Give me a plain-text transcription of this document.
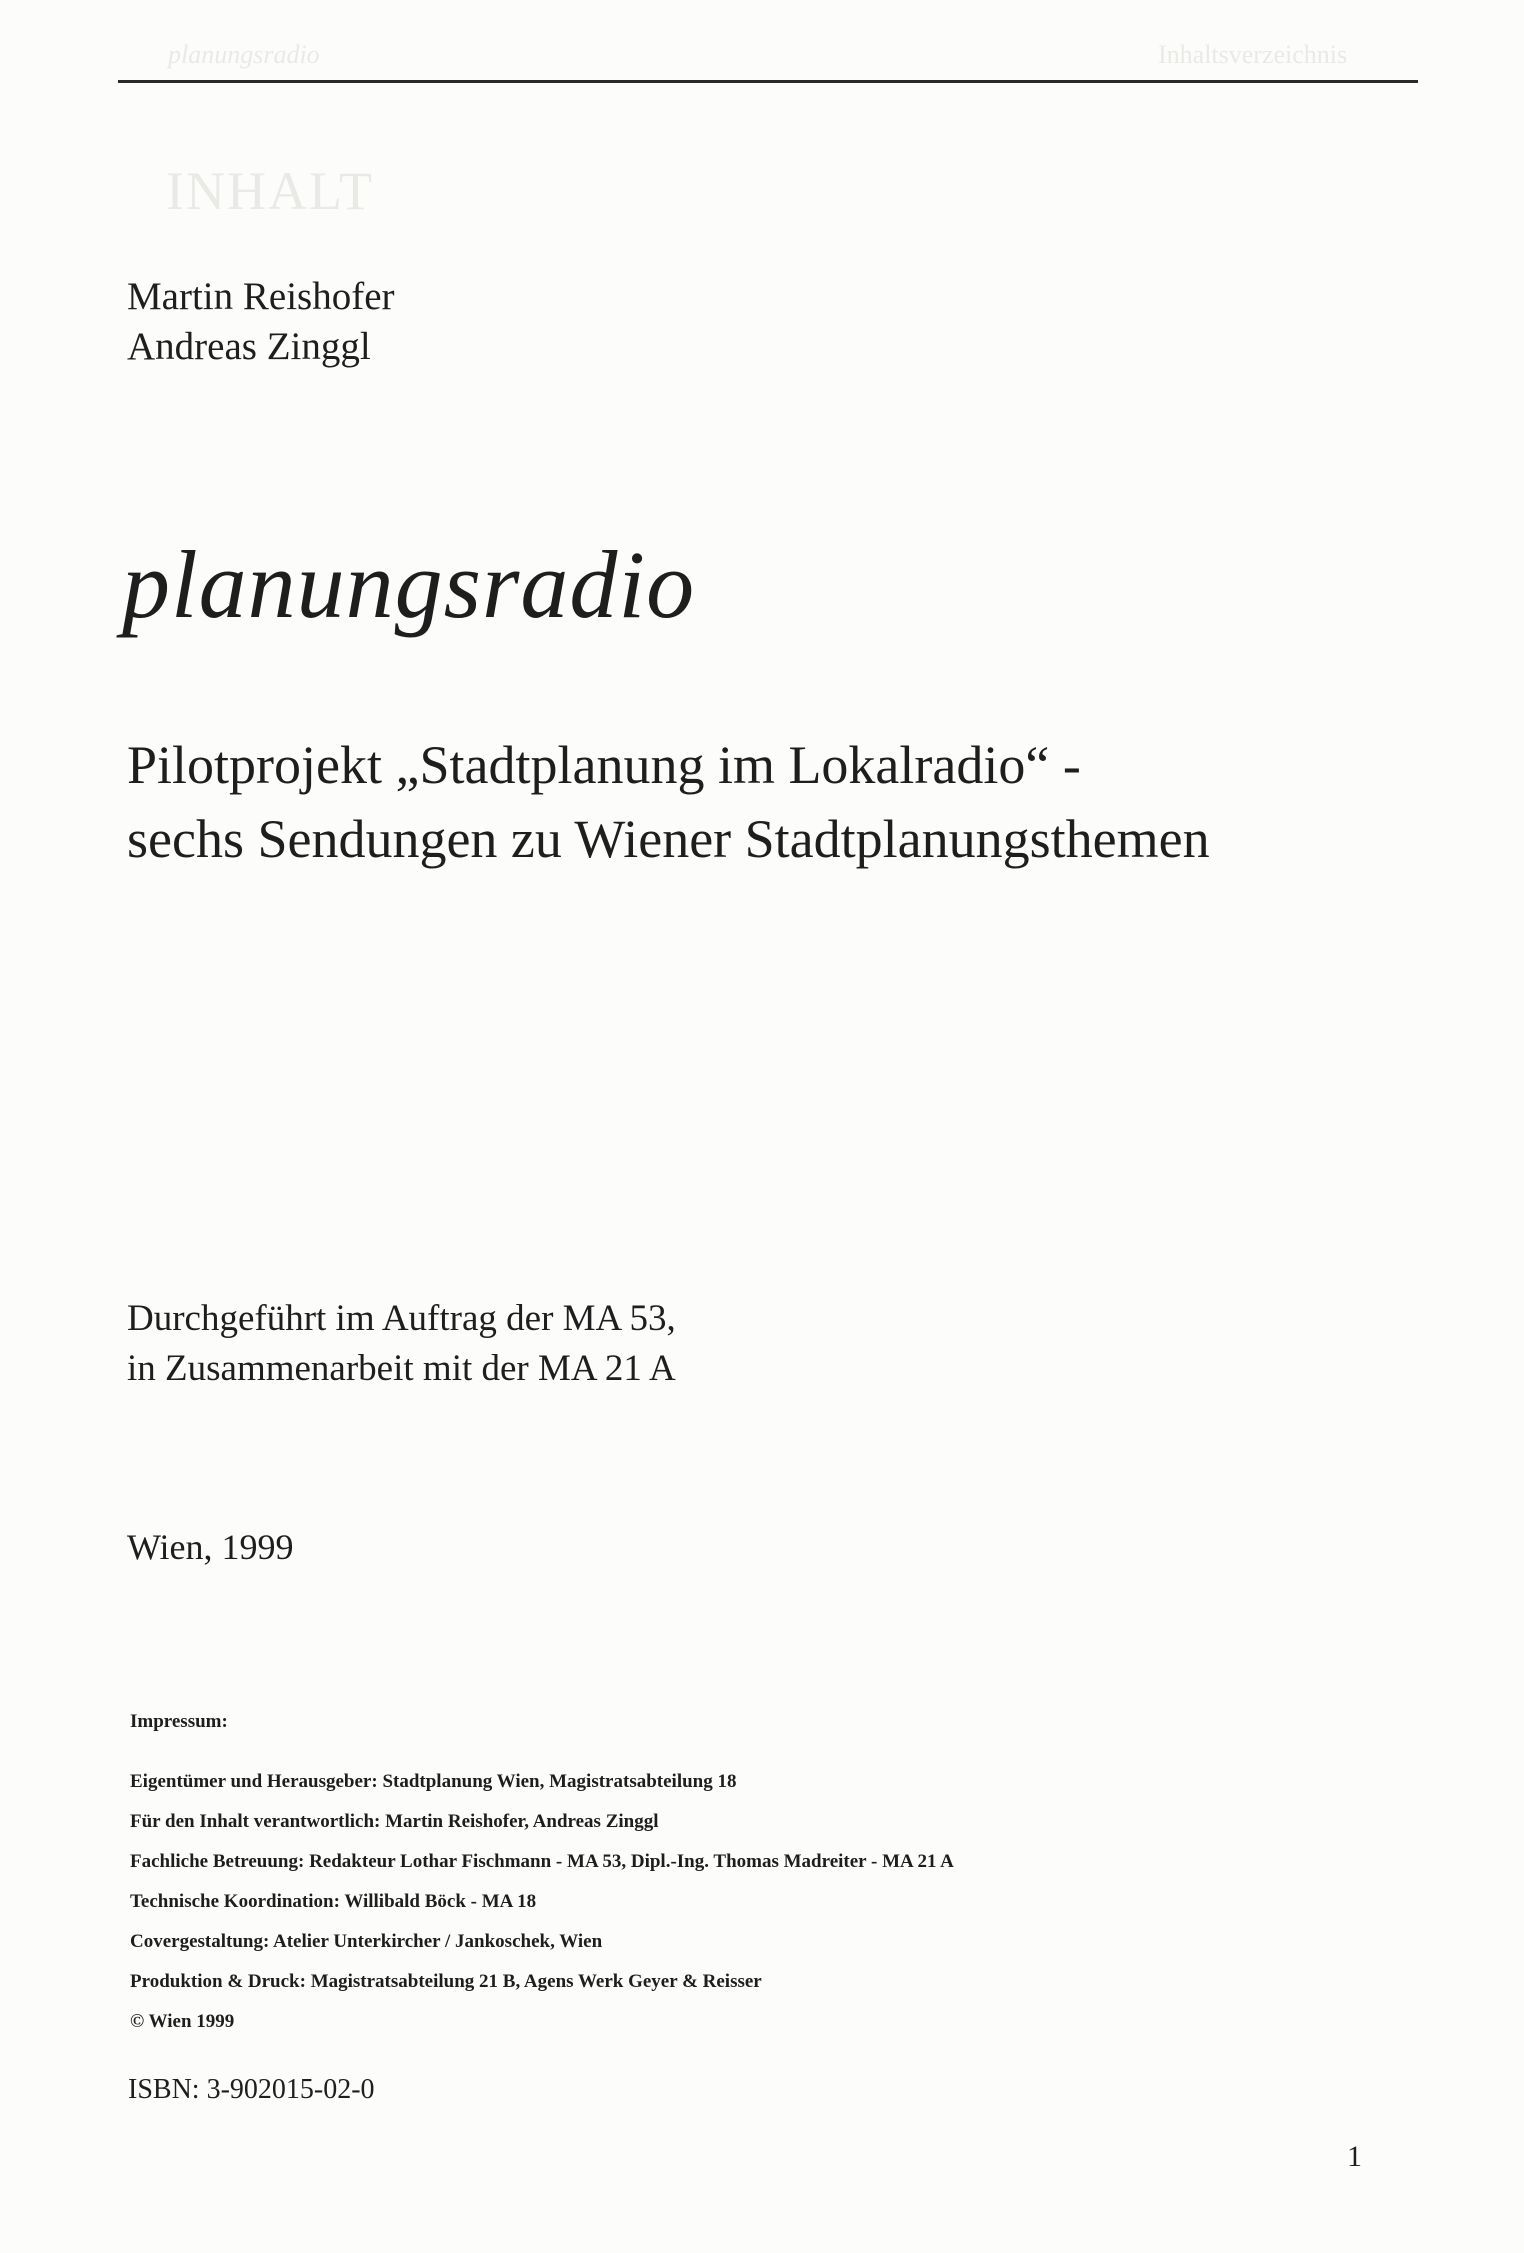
planungsradio	Inhaltsverzeichnis
INHALT
Martin Reishofer
Andreas Zinggl
planungsradio
Pilotprojekt „Stadtplanung im Lokalradio“ -
sechs Sendungen zu Wiener Stadtplanungsthemen
Durchgeführt im Auftrag der MA 53,
in Zusammenarbeit mit der MA 21 A
Wien, 1999
Impressum:
Eigentümer und Herausgeber: Stadtplanung Wien, Magistratsabteilung 18
Für den Inhalt verantwortlich: Martin Reishofer, Andreas Zinggl
Fachliche Betreuung: Redakteur Lothar Fischmann - MA 53, Dipl.-Ing. Thomas Madreiter - MA 21 A
Technische Koordination: Willibald Böck - MA 18
Covergestaltung: Atelier Unterkircher / Jankoschek, Wien
Produktion & Druck: Magistratsabteilung 21 B, Agens Werk Geyer & Reisser
© Wien 1999
ISBN: 3-902015-02-0
1
